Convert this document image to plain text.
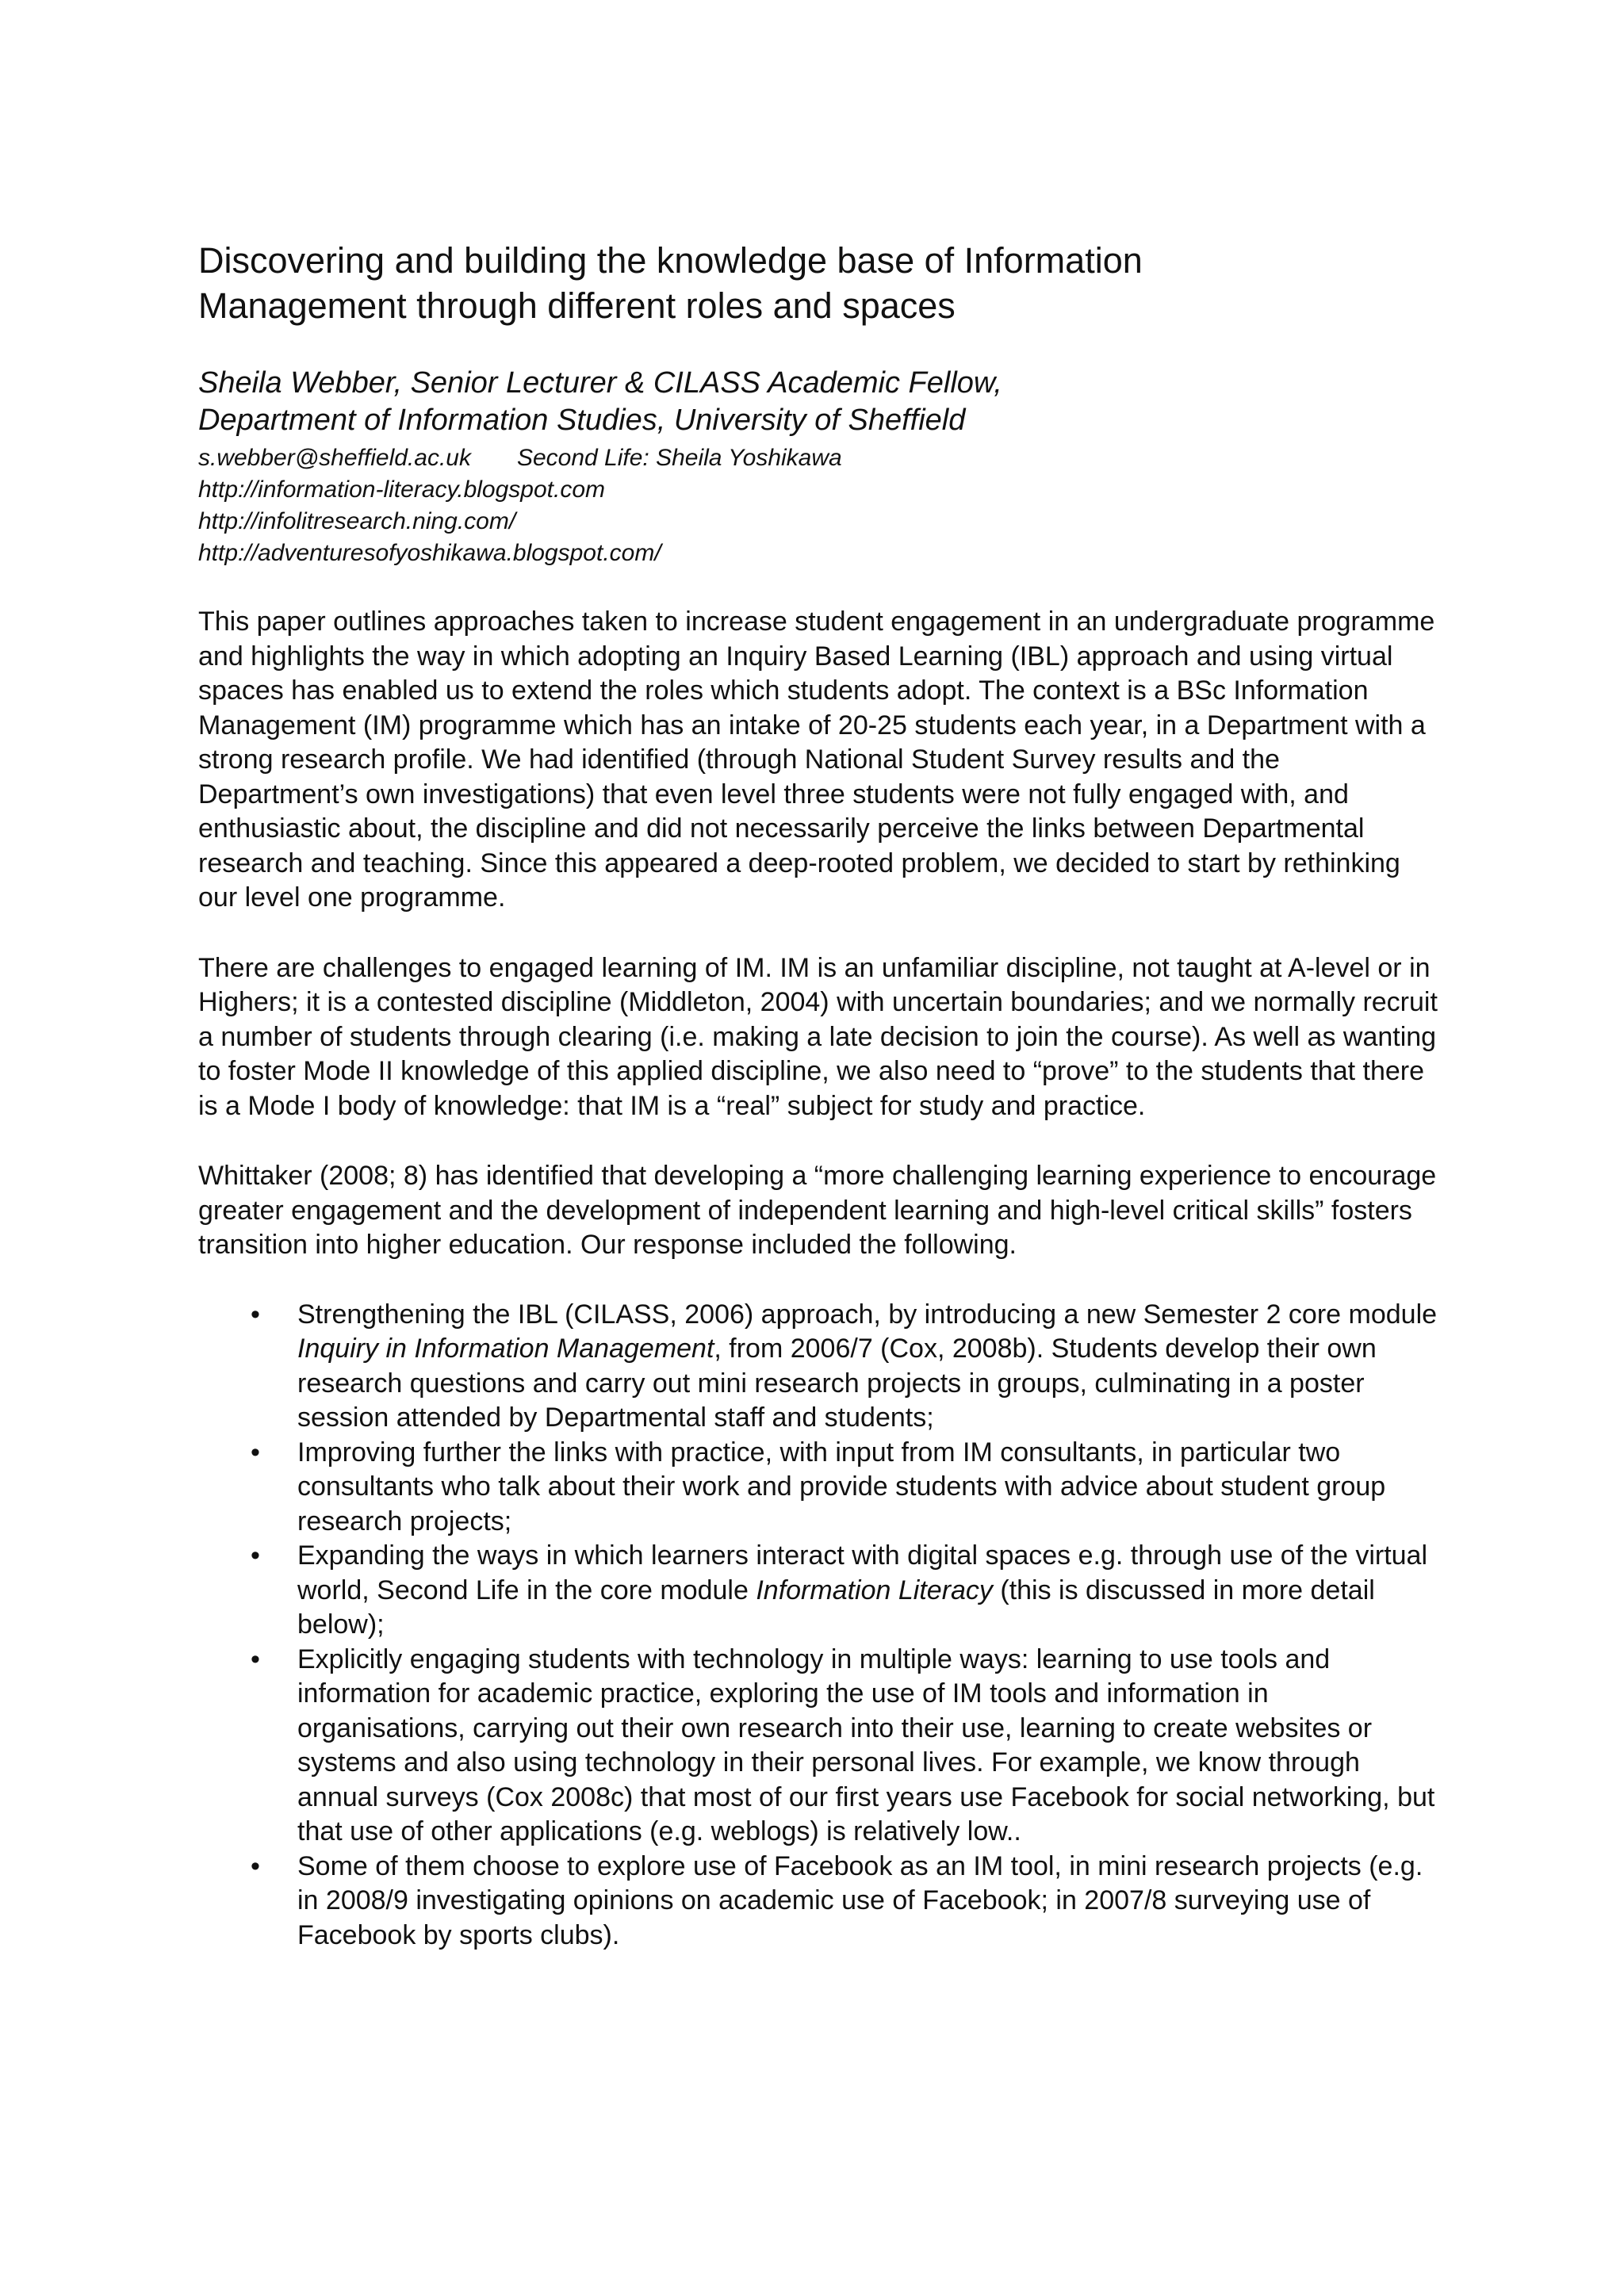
Discovering and building the knowledge base of Information
Management through different roles and spaces
Sheila Webber, Senior Lecturer & CILASS Academic Fellow,
Department of Information Studies, University of Sheffield
s.webber@sheffield.ac.uk Second Life: Sheila Yoshikawa
http://information-literacy.blogspot.com
http://infolitresearch.ning.com/
http://adventuresofyoshikawa.blogspot.com/

This paper outlines approaches taken to increase student engagement in an undergraduate programme and highlights the way in which adopting an Inquiry Based Learning (IBL) approach and using virtual spaces has enabled us to extend the roles which students adopt. The context is a BSc Information Management (IM) programme which has an intake of 20-25 students each year, in a Department with a strong research profile. We had identified (through National Student Survey results and the Department’s own investigations) that even level three students were not fully engaged with, and enthusiastic about, the discipline and did not necessarily perceive the links between Departmental research and teaching. Since this appeared a deep-rooted problem, we decided to start by rethinking our level one programme.

There are challenges to engaged learning of IM. IM is an unfamiliar discipline, not taught at A-level or in Highers; it is a contested discipline (Middleton, 2004) with uncertain boundaries; and we normally recruit a number of students through clearing (i.e. making a late decision to join the course). As well as wanting to foster Mode II knowledge of this applied discipline, we also need to “prove” to the students that there is a Mode I body of knowledge: that IM is a “real” subject for study and practice.

Whittaker (2008; 8) has identified that developing a “more challenging learning experience to encourage greater engagement and the development of independent learning and high-level critical skills” fosters transition into higher education. Our response included the following.

• Strengthening the IBL (CILASS, 2006) approach, by introducing a new Semester 2 core module Inquiry in Information Management, from 2006/7 (Cox, 2008b). Students develop their own research questions and carry out mini research projects in groups, culminating in a poster session attended by Departmental staff and students;
• Improving further the links with practice, with input from IM consultants, in particular two consultants who talk about their work and provide students with advice about student group research projects;
• Expanding the ways in which learners interact with digital spaces e.g. through use of the virtual world, Second Life in the core module Information Literacy (this is discussed in more detail below);
• Explicitly engaging students with technology in multiple ways: learning to use tools and information for academic practice, exploring the use of IM tools and information in organisations, carrying out their own research into their use, learning to create websites or systems and also using technology in their personal lives. For example, we know through annual surveys (Cox 2008c) that most of our first years use Facebook for social networking, but that use of other applications (e.g. weblogs) is relatively low..
• Some of them choose to explore use of Facebook as an IM tool, in mini research projects (e.g. in 2008/9 investigating opinions on academic use of Facebook; in 2007/8 surveying use of Facebook by sports clubs).
